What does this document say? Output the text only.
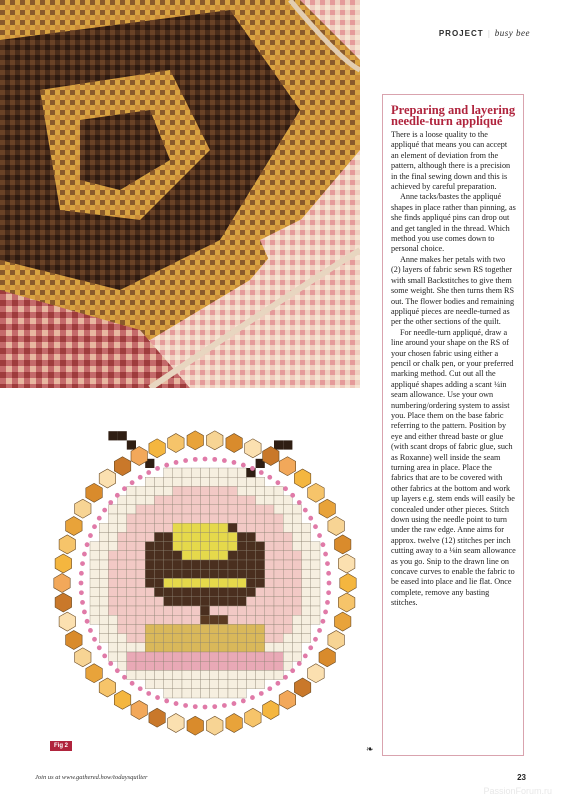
PROJECT | busy bee
Preparing and layering needle-turn appliqué

There is a loose quality to the appliqué that means you can accept an element of deviation from the pattern, although there is a precision in the final sewing down and this is achieved by careful preparation.

Anne tacks/bastes the appliqué shapes in place rather than pinning, as she finds appliqué pins can drop out and get tangled in the thread. Which method you use comes down to personal choice.

Anne makes her petals with two (2) layers of fabric sewn RS together with small Backstitches to give them some weight. She then turns them RS out. The flower bodies and remaining appliqué pieces are needle-turned as per the other sections of the quilt.

For needle-turn appliqué, draw a line around your shape on the RS of your chosen fabric using either a pencil or chalk pen, or your preferred marking method. Cut out all the appliqué shapes adding a scant ¼in seam allowance. Use your own numbering/ordering system to assist you. Place them on the base fabric referring to the pattern. Position by eye and either thread baste or glue (with scant drops of fabric glue, such as Roxanne) well inside the seam turning area in place. Place the fabrics that are to be covered with other fabrics at the bottom and work up layers e.g. stem ends will easily be concealed under other pieces. Stitch down using the needle point to turn under the raw edge. Anne aims for approx. twelve (12) stitches per inch cutting away to a ⅛in seam allowance as you go. Snip to the drawn line on concave curves to enable the fabric to be eased into place and lie flat. Once complete, remove any basting stitches.

Fig 2	❧
Join us at www.gathered.how/todaysquilter	23
PassionForum.ru
